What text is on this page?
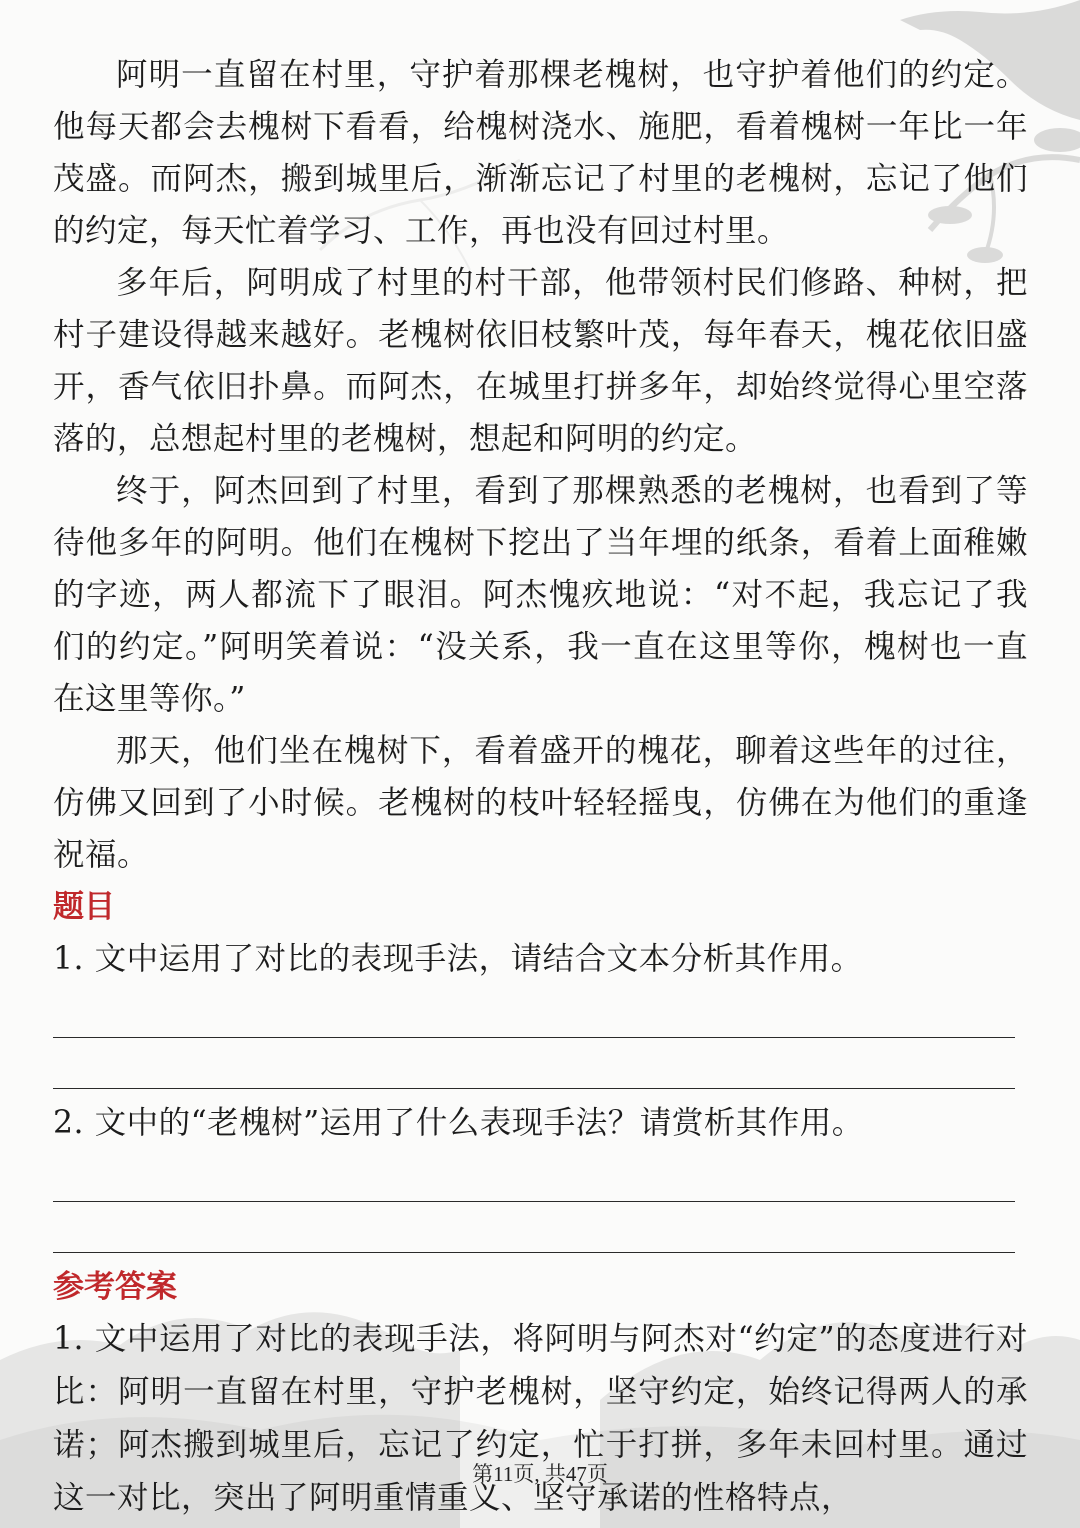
阿明一直留在村里，守护着那棵老槐树，也守护着他们的约定。他每天都会去槐树下看看，给槐树浇水、施肥，看着槐树一年比一年茂盛。而阿杰，搬到城里后，渐渐忘记了村里的老槐树，忘记了他们的约定，每天忙着学习、工作，再也没有回过村里。

多年后，阿明成了村里的村干部，他带领村民们修路、种树，把村子建设得越来越好。老槐树依旧枝繁叶茂，每年春天，槐花依旧盛开，香气依旧扑鼻。而阿杰，在城里打拼多年，却始终觉得心里空落落的，总想起村里的老槐树，想起和阿明的约定。

终于，阿杰回到了村里，看到了那棵熟悉的老槐树，也看到了等待他多年的阿明。他们在槐树下挖出了当年埋的纸条，看着上面稚嫩的字迹，两人都流下了眼泪。阿杰愧疚地说：“对不起，我忘记了我们的约定。”阿明笑着说：“没关系，我一直在这里等你，槐树也一直在这里等你。”

那天，他们坐在槐树下，看着盛开的槐花，聊着这些年的过往，仿佛又回到了小时候。老槐树的枝叶轻轻摇曳，仿佛在为他们的重逢祝福。

题目

1. 文中运用了对比的表现手法，请结合文本分析其作用。

2. 文中的“老槐树”运用了什么表现手法？请赏析其作用。

参考答案

1. 文中运用了对比的表现手法，将阿明与阿杰对“约定”的态度进行对比：阿明一直留在村里，守护老槐树，坚守约定，始终记得两人的承诺；阿杰搬到城里后，忘记了约定，忙于打拼，多年未回村里。通过这一对比，突出了阿明重情重义、坚守承诺的性格特点，

第11页, 共47页
